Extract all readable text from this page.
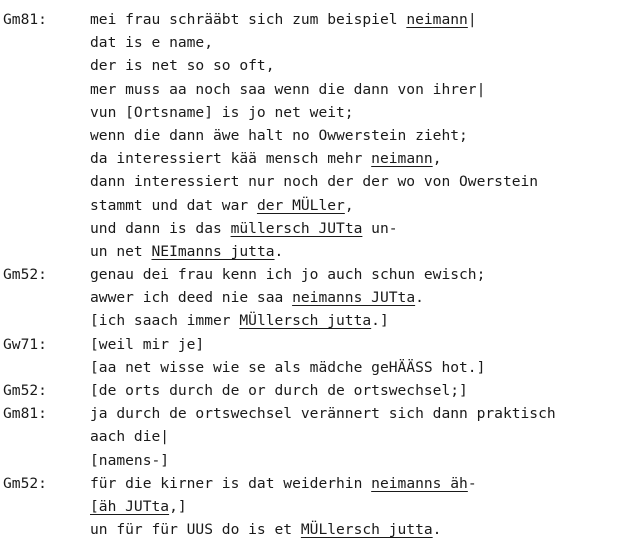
Gm81:	mei frau schrääbt sich zum beispiel neimann|
dat is e name,
der is net so so oft,
mer muss aa noch saa wenn die dann von ihrer|
vun [Ortsname] is jo net weit;
wenn die dann äwe halt no Owwerstein zieht;
da interessiert kää mensch mehr neimann,
dann interessiert nur noch der der wo von Owerstein
stammt und dat war der MÜLler,
und dann is das müllersch JUTta un-
un net NEImanns jutta.
Gm52:	genau dei frau kenn ich jo auch schun ewisch;
awwer ich deed nie saa neimanns JUTta.
[ich saach immer MÜllersch jutta.]
Gw71:	[weil mir je]
[aa net wisse wie se als mädche geHÄÄSS hot.]
Gm52:	[de orts durch de or durch de ortswechsel;]
Gm81:	ja durch de ortswechsel verännert sich dann praktisch
aach die|
[namens-]
Gm52:	für die kirner is dat weiderhin neimanns äh-
[äh JUTta,]
un für für UUS do is et MÜLlersch jutta.
